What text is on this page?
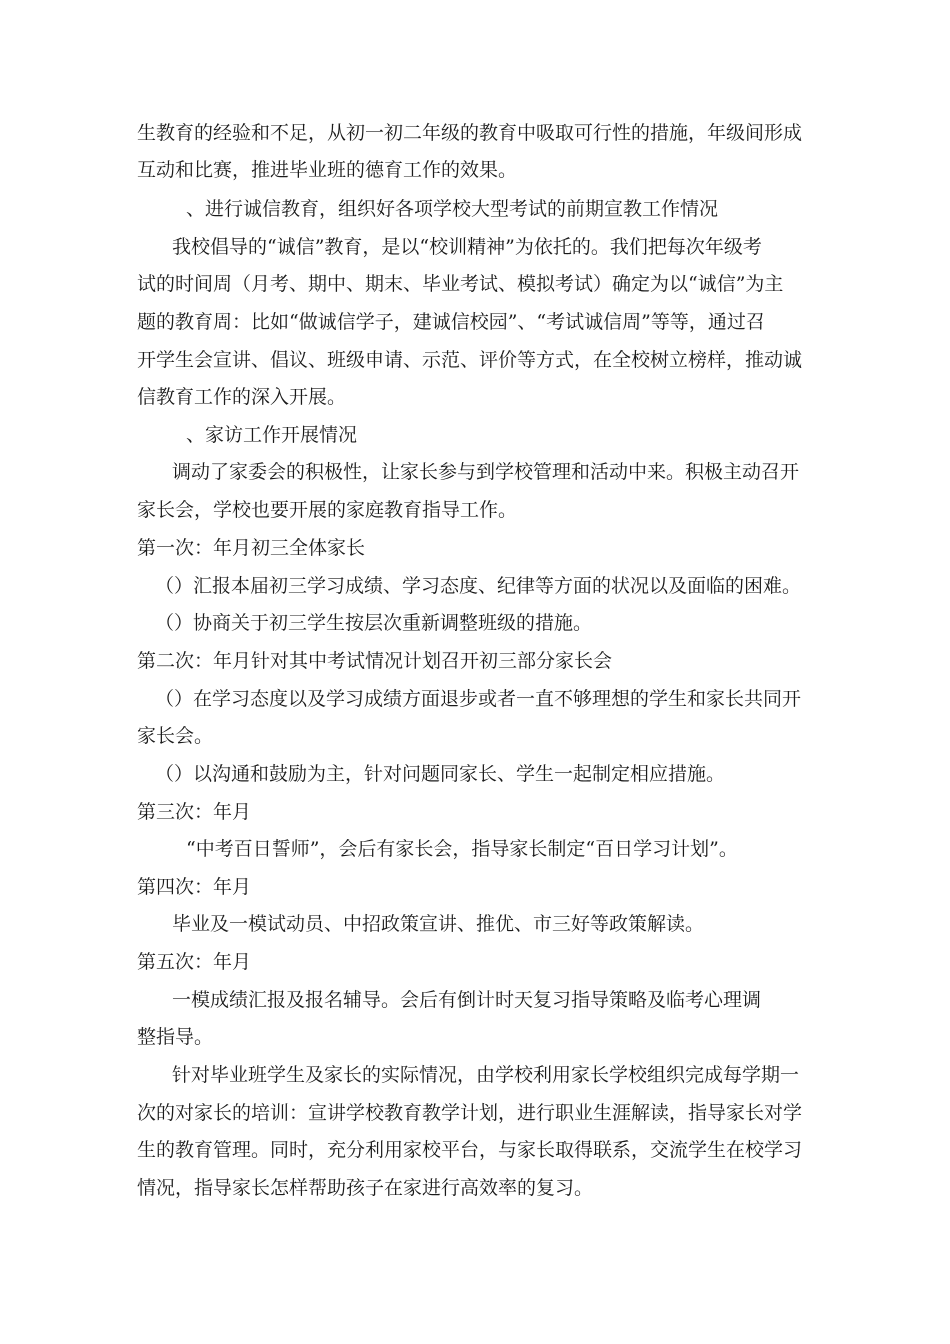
生教育的经验和不足，从初一初二年级的教育中吸取可行性的措施，年级间形成
互动和比赛，推进毕业班的德育工作的效果。
、进行诚信教育，组织好各项学校大型考试的前期宣教工作情况
我校倡导的“诚信”教育，是以“校训精神”为依托的。我们把每次年级考
试的时间周（月考、期中、期末、毕业考试、模拟考试）确定为以“诚信”为主
题的教育周：比如“做诚信学子，建诚信校园”、“考试诚信周”等等，通过召
开学生会宣讲、倡议、班级申请、示范、评价等方式，在全校树立榜样，推动诚
信教育工作的深入开展。
、家访工作开展情况
调动了家委会的积极性，让家长参与到学校管理和活动中来。积极主动召开
家长会，学校也要开展的家庭教育指导工作。
第一次：年月初三全体家长
（）汇报本届初三学习成绩、学习态度、纪律等方面的状况以及面临的困难。
（）协商关于初三学生按层次重新调整班级的措施。
第二次：年月针对其中考试情况计划召开初三部分家长会
（）在学习态度以及学习成绩方面退步或者一直不够理想的学生和家长共同开
家长会。
（）以沟通和鼓励为主，针对问题同家长、学生一起制定相应措施。
第三次：年月
“中考百日誓师”，会后有家长会，指导家长制定“百日学习计划”。
第四次：年月
毕业及一模试动员、中招政策宣讲、推优、市三好等政策解读。
第五次：年月
一模成绩汇报及报名辅导。会后有倒计时天复习指导策略及临考心理调
整指导。
针对毕业班学生及家长的实际情况，由学校利用家长学校组织完成每学期一
次的对家长的培训：宣讲学校教育教学计划，进行职业生涯解读，指导家长对学
生的教育管理。同时，充分利用家校平台，与家长取得联系，交流学生在校学习
情况，指导家长怎样帮助孩子在家进行高效率的复习。
